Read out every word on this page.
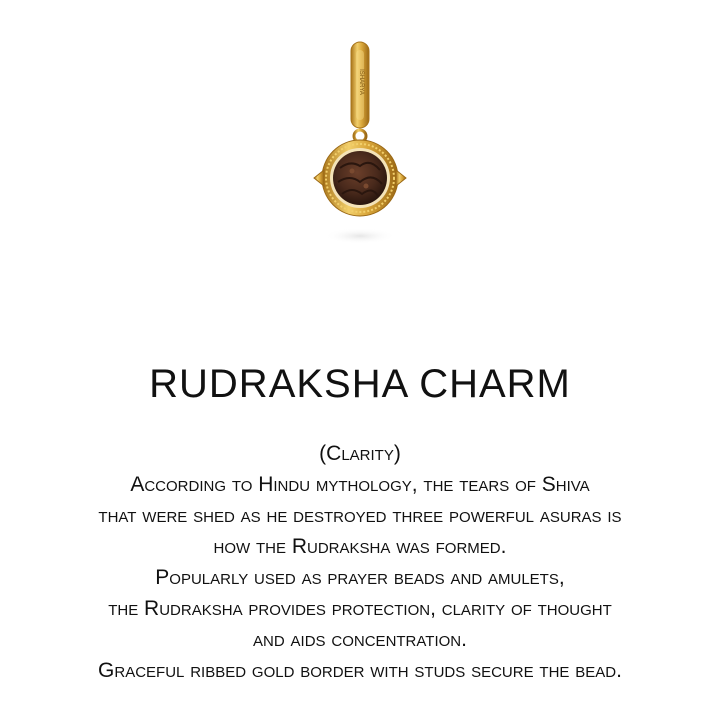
ISHARYA
RUDRAKSHA CHARM
(Clarity)
According to Hindu mythology, the tears of Shiva
that were shed as he destroyed three powerful asuras is
how the Rudraksha was formed.
Popularly used as prayer beads and amulets,
the Rudraksha provides protection, clarity of thought
and aids concentration.
Graceful ribbed gold border with studs secure the bead.
